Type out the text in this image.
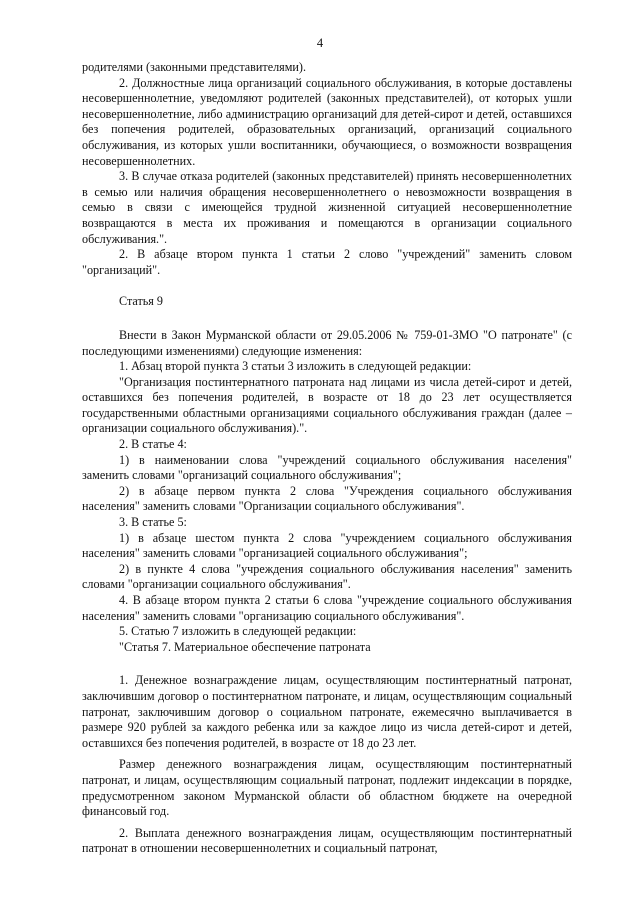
4

родителями (законными представителями).

2. Должностные лица организаций социального обслуживания, в которые доставлены несовершеннолетние, уведомляют родителей (законных представителей), от которых ушли несовершеннолетние, либо администрацию организаций для детей-сирот и детей, оставшихся без попечения родителей, образовательных организаций, организаций социального обслуживания, из которых ушли воспитанники, обучающиеся, о возможности возвращения несовершеннолетних.

3. В случае отказа родителей (законных представителей) принять несовершеннолетних в семью или наличия обращения несовершеннолетнего о невозможности возвращения в семью в связи с имеющейся трудной жизненной ситуацией несовершеннолетние возвращаются в места их проживания и помещаются в организации социального обслуживания.".

2. В абзаце втором пункта 1 статьи 2 слово "учреждений" заменить словом "организаций".

Статья 9

Внести в Закон Мурманской области от 29.05.2006 № 759-01-ЗМО "О патронате" (с последующими изменениями) следующие изменения:

1. Абзац второй пункта 3 статьи 3 изложить в следующей редакции:

"Организация постинтернатного патроната над лицами из числа детей-сирот и детей, оставшихся без попечения родителей, в возрасте от 18 до 23 лет осуществляется государственными областными организациями социального обслуживания граждан (далее – организации социального обслуживания).".

2. В статье 4:

1) в наименовании слова "учреждений социального обслуживания населения" заменить словами "организаций социального обслуживания";

2) в абзаце первом пункта 2 слова "Учреждения социального обслуживания населения" заменить словами "Организации социального обслуживания".

3. В статье 5:

1) в абзаце шестом пункта 2 слова "учреждением социального обслуживания населения" заменить словами "организацией социального обслуживания";

2) в пункте 4 слова "учреждения социального обслуживания населения" заменить словами "организации социального обслуживания".

4. В абзаце втором пункта 2 статьи 6 слова "учреждение социального обслуживания населения" заменить словами "организацию социального обслуживания".

5. Статью 7 изложить в следующей редакции:

"Статья 7. Материальное обеспечение патроната

1. Денежное вознаграждение лицам, осуществляющим постинтернатный патронат, заключившим договор о постинтернатном патронате, и лицам, осуществляющим социальный патронат, заключившим договор о социальном патронате, ежемесячно выплачивается в размере 920 рублей за каждого ребенка или за каждое лицо из числа детей-сирот и детей, оставшихся без попечения родителей, в возрасте от 18 до 23 лет.

Размер денежного вознаграждения лицам, осуществляющим постинтернатный патронат, и лицам, осуществляющим социальный патронат, подлежит индексации в порядке, предусмотренном законом Мурманской области об областном бюджете на очередной финансовый год.

2. Выплата денежного вознаграждения лицам, осуществляющим постинтернатный патронат в отношении несовершеннолетних и социальный патронат,
